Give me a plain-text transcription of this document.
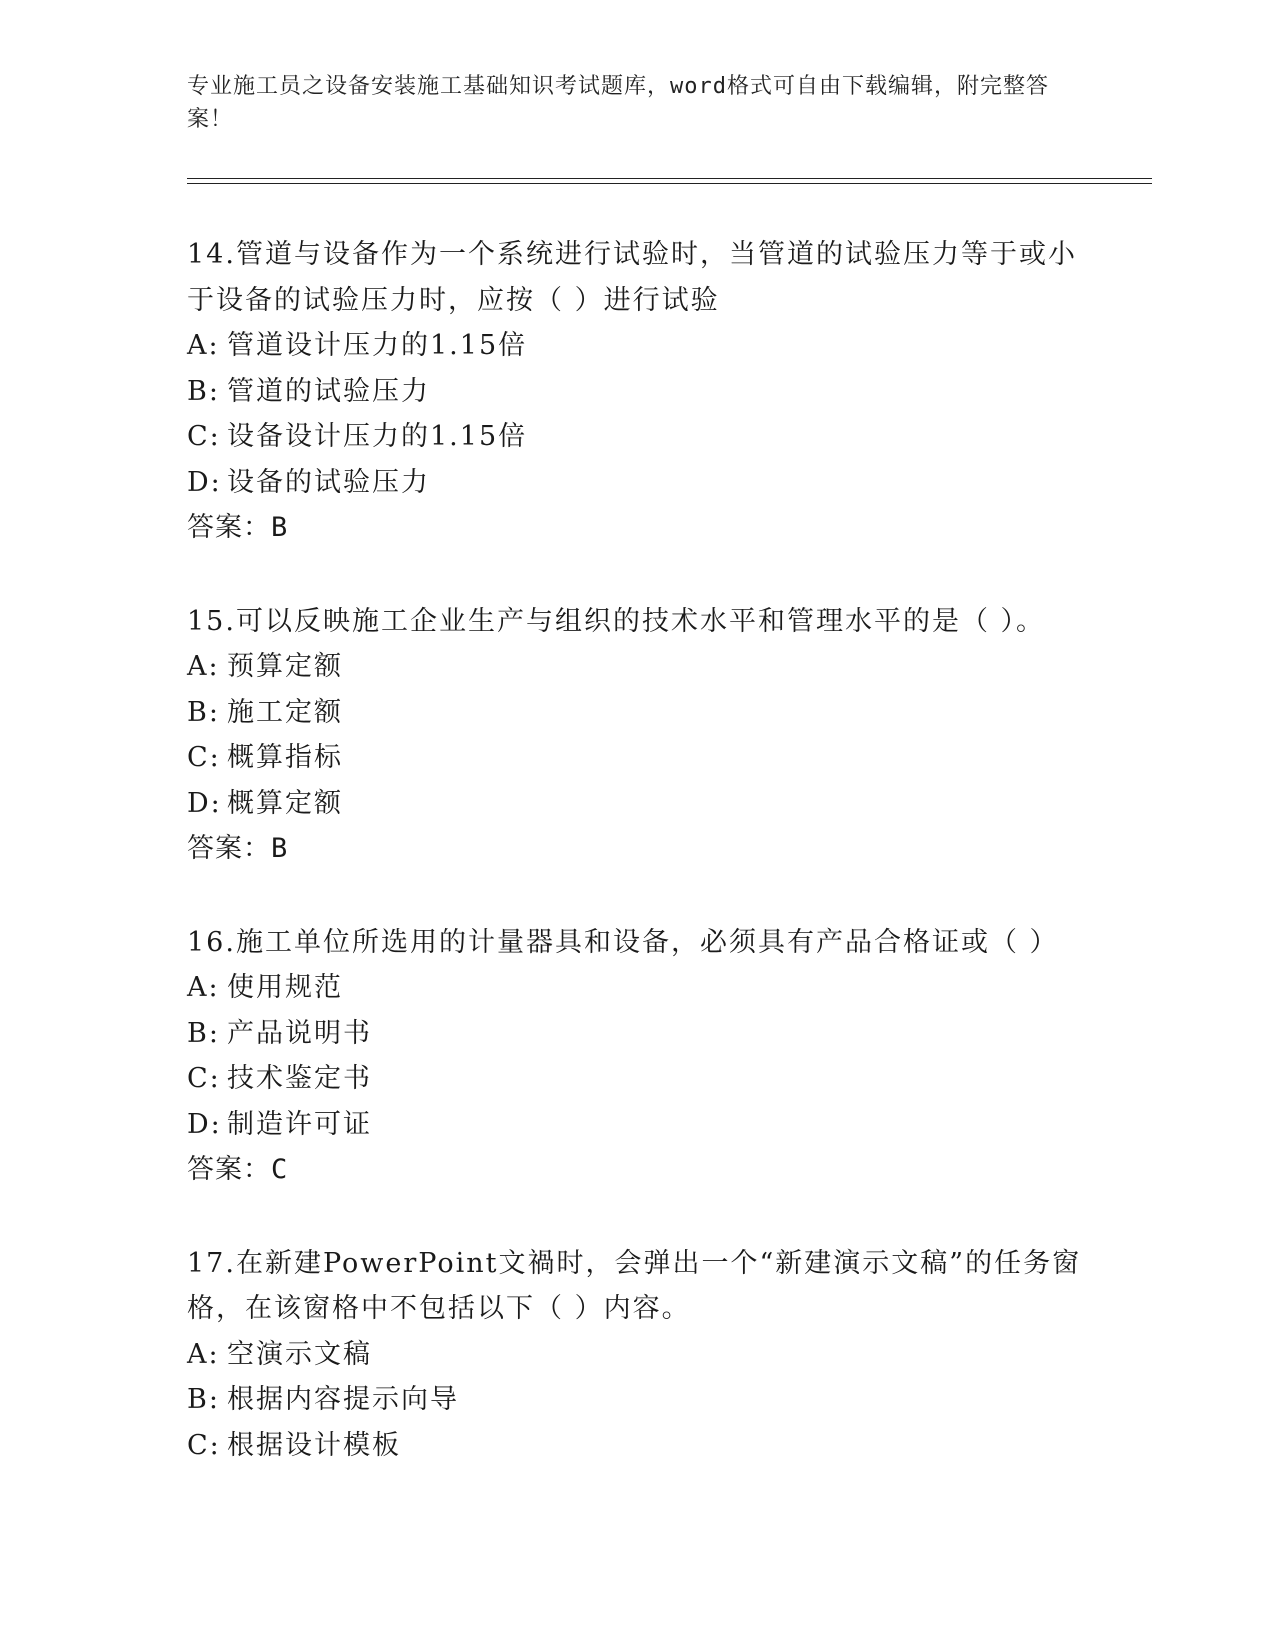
专业施工员之设备安装施工基础知识考试题库，word格式可自由下载编辑，附完整答案！

14.管道与设备作为一个系统进行试验时，当管道的试验压力等于或小于设备的试验压力时，应按（ ）进行试验

A: 管道设计压力的1.15倍

B: 管道的试验压力

C: 设备设计压力的1.15倍

D: 设备的试验压力

答案：B

15.可以反映施工企业生产与组织的技术水平和管理水平的是（ ）。

A: 预算定额

B: 施工定额

C: 概算指标

D: 概算定额

答案：B

16.施工单位所选用的计量器具和设备，必须具有产品合格证或（ ）

A: 使用规范

B: 产品说明书

C: 技术鉴定书

D: 制造许可证

答案：C

17.在新建PowerPoint文禍时，会弹出一个“新建演示文稿”的任务窗格，在该窗格中不包括以下（ ）内容。

A: 空演示文稿

B: 根据内容提示向导

C: 根据设计模板
